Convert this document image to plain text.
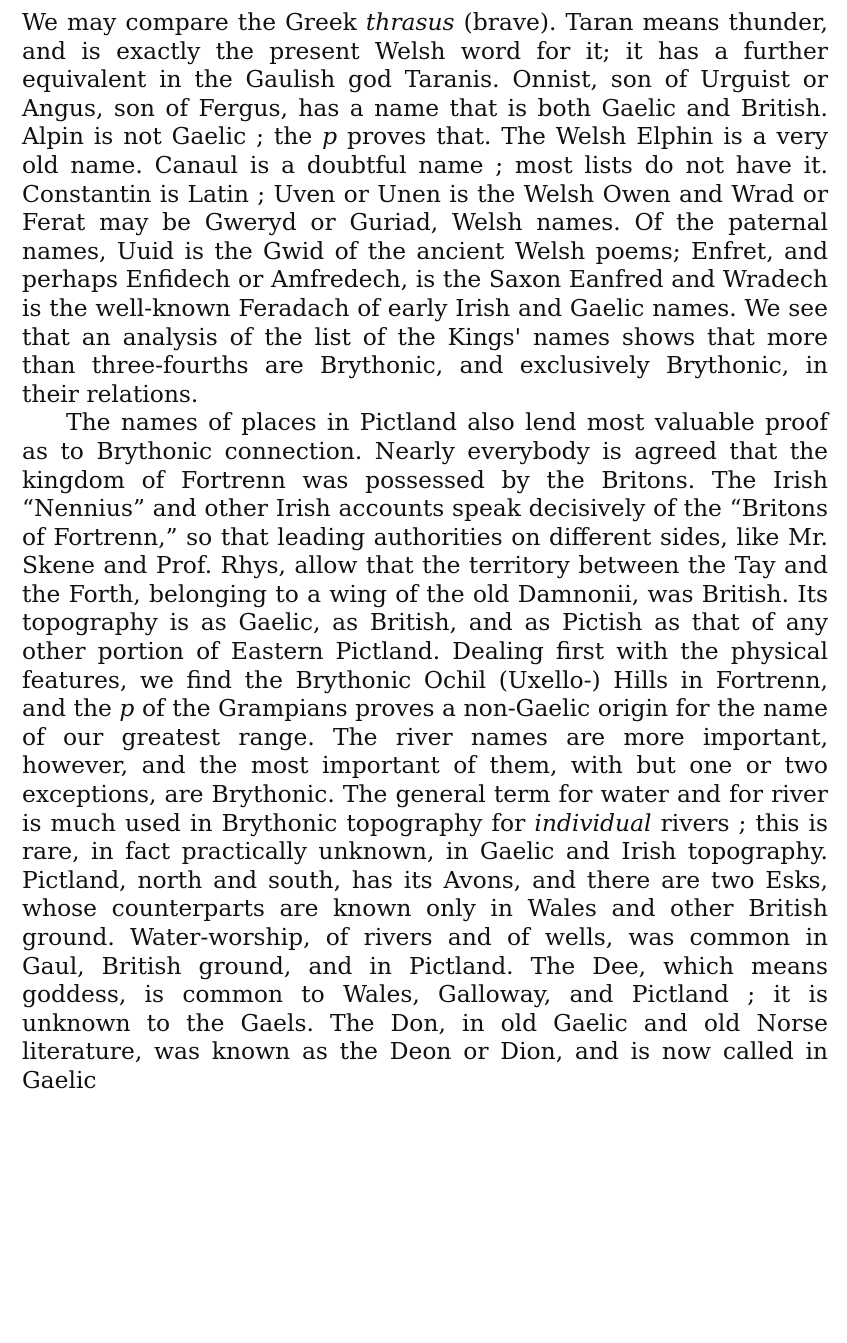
We may compare the Greek thrasus (brave). Taran means thunder, and is exactly the present Welsh word for it; it has a further equivalent in the Gaulish god Taranis. Onnist, son of Urguist or Angus, son of Fergus, has a name that is both Gaelic and British. Alpin is not Gaelic ; the p proves that. The Welsh Elphin is a very old name. Canaul is a doubtful name ; most lists do not have it. Constantin is Latin ; Uven or Unen is the Welsh Owen and Wrad or Ferat may be Gweryd or Guriad, Welsh names. Of the paternal names, Uuid is the Gwid of the ancient Welsh poems; Enfret, and perhaps Enfidech or Amfredech, is the Saxon Eanfred and Wradech is the well-known Feradach of early Irish and Gaelic names. We see that an analysis of the list of the Kings' names shows that more than three-fourths are Brythonic, and exclusively Brythonic, in their relations.

The names of places in Pictland also lend most valuable proof as to Brythonic connection. Nearly everybody is agreed that the kingdom of Fortrenn was possessed by the Britons. The Irish “Nennius” and other Irish accounts speak decisively of the “Britons of Fortrenn,” so that leading authorities on different sides, like Mr. Skene and Prof. Rhys, allow that the territory between the Tay and the Forth, belonging to a wing of the old Damnonii, was British. Its topography is as Gaelic, as British, and as Pictish as that of any other portion of Eastern Pictland. Dealing first with the physical features, we find the Brythonic Ochil (Uxello-) Hills in Fortrenn, and the p of the Grampians proves a non-Gaelic origin for the name of our greatest range. The river names are more important, however, and the most important of them, with but one or two exceptions, are Brythonic. The general term for water and for river is much used in Brythonic topography for individual rivers ; this is rare, in fact practically unknown, in Gaelic and Irish topography. Pictland, north and south, has its Avons, and there are two Esks, whose counterparts are known only in Wales and other British ground. Water-worship, of rivers and of wells, was common in Gaul, British ground, and in Pictland. The Dee, which means goddess, is common to Wales, Galloway, and Pictland ; it is unknown to the Gaels. The Don, in old Gaelic and old Norse literature, was known as the Deon or Dion, and is now called in Gaelic
